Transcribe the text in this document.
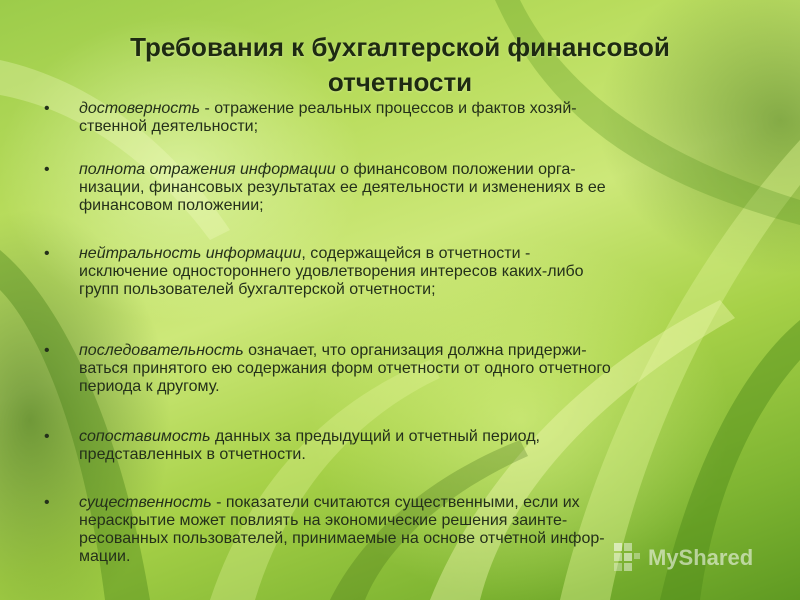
Требования к бухгалтерской финансовой
отчетности
• достоверность - отражение реальных процессов и фактов хозяй-
ственной деятельности;
• полнота отражения информации о финансовом положении орга-
низации, финансовых результатах ее деятельности и изменениях в ее
финансовом положении;
• нейтральность информации, содержащейся в отчетности -
исключение одностороннего удовлетворения интересов каких-либо
групп пользователей бухгалтерской отчетности;
• последовательность означает, что организация должна придержи-
ваться принятого ею содержания форм отчетности от одного отчетного
периода к другому.
• сопоставимость данных за предыдущий и отчетный период,
представленных в отчетности.
• существенность - показатели считаются существенными, если их
нераскрытие может повлиять на экономические решения заинте-
ресованных пользователей, принимаемые на основе отчетной инфор-
мации.	MyShared
